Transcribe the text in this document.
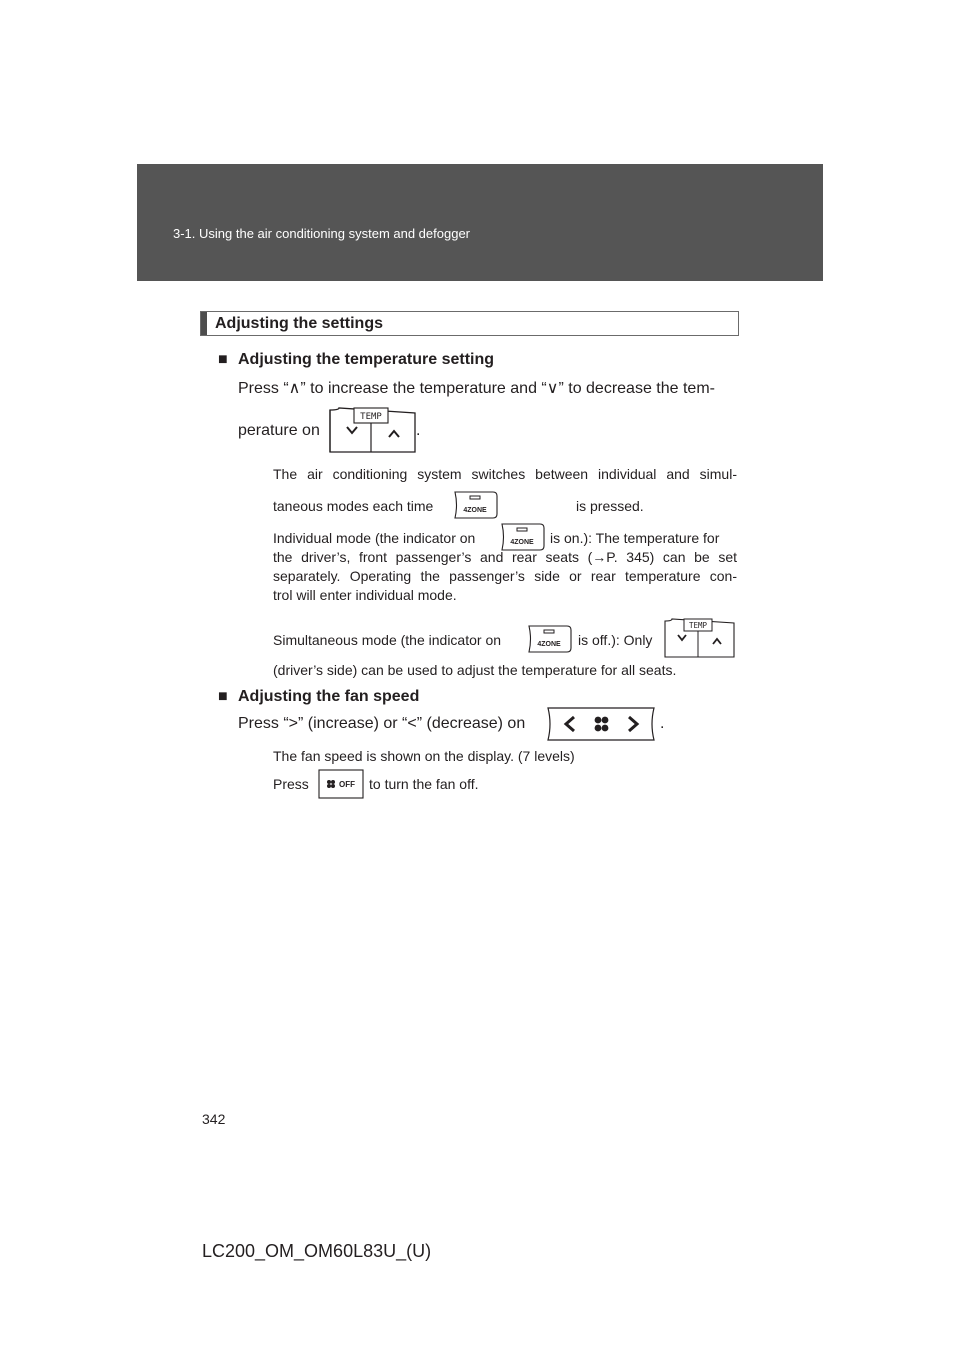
3-1. Using the air conditioning system and defogger
Adjusting the settings
■ Adjusting the temperature setting
Press “∧” to increase the temperature and “∨” to decrease the tem-
perature on
TEMP
.
The air conditioning system switches between individual and simul-
taneous modes each time	4ZONE	is pressed.
Individual mode (the indicator on	4ZONE is on.): The temperature for
the driver’s, front passenger’s and rear seats (→P. 345) can be set
separately. Operating the passenger’s side or rear temperature con-
trol will enter individual mode.
Simultaneous mode (the indicator on	4ZONE is off.): Only
TEMP
(driver’s side) can be used to adjust the temperature for all seats.
■ Adjusting the fan speed
Press “>” (increase) or “<” (decrease) on	.
The fan speed is shown on the display. (7 levels)
Press	OFF to turn the fan off.
342
LC200_OM_OM60L83U_(U)
